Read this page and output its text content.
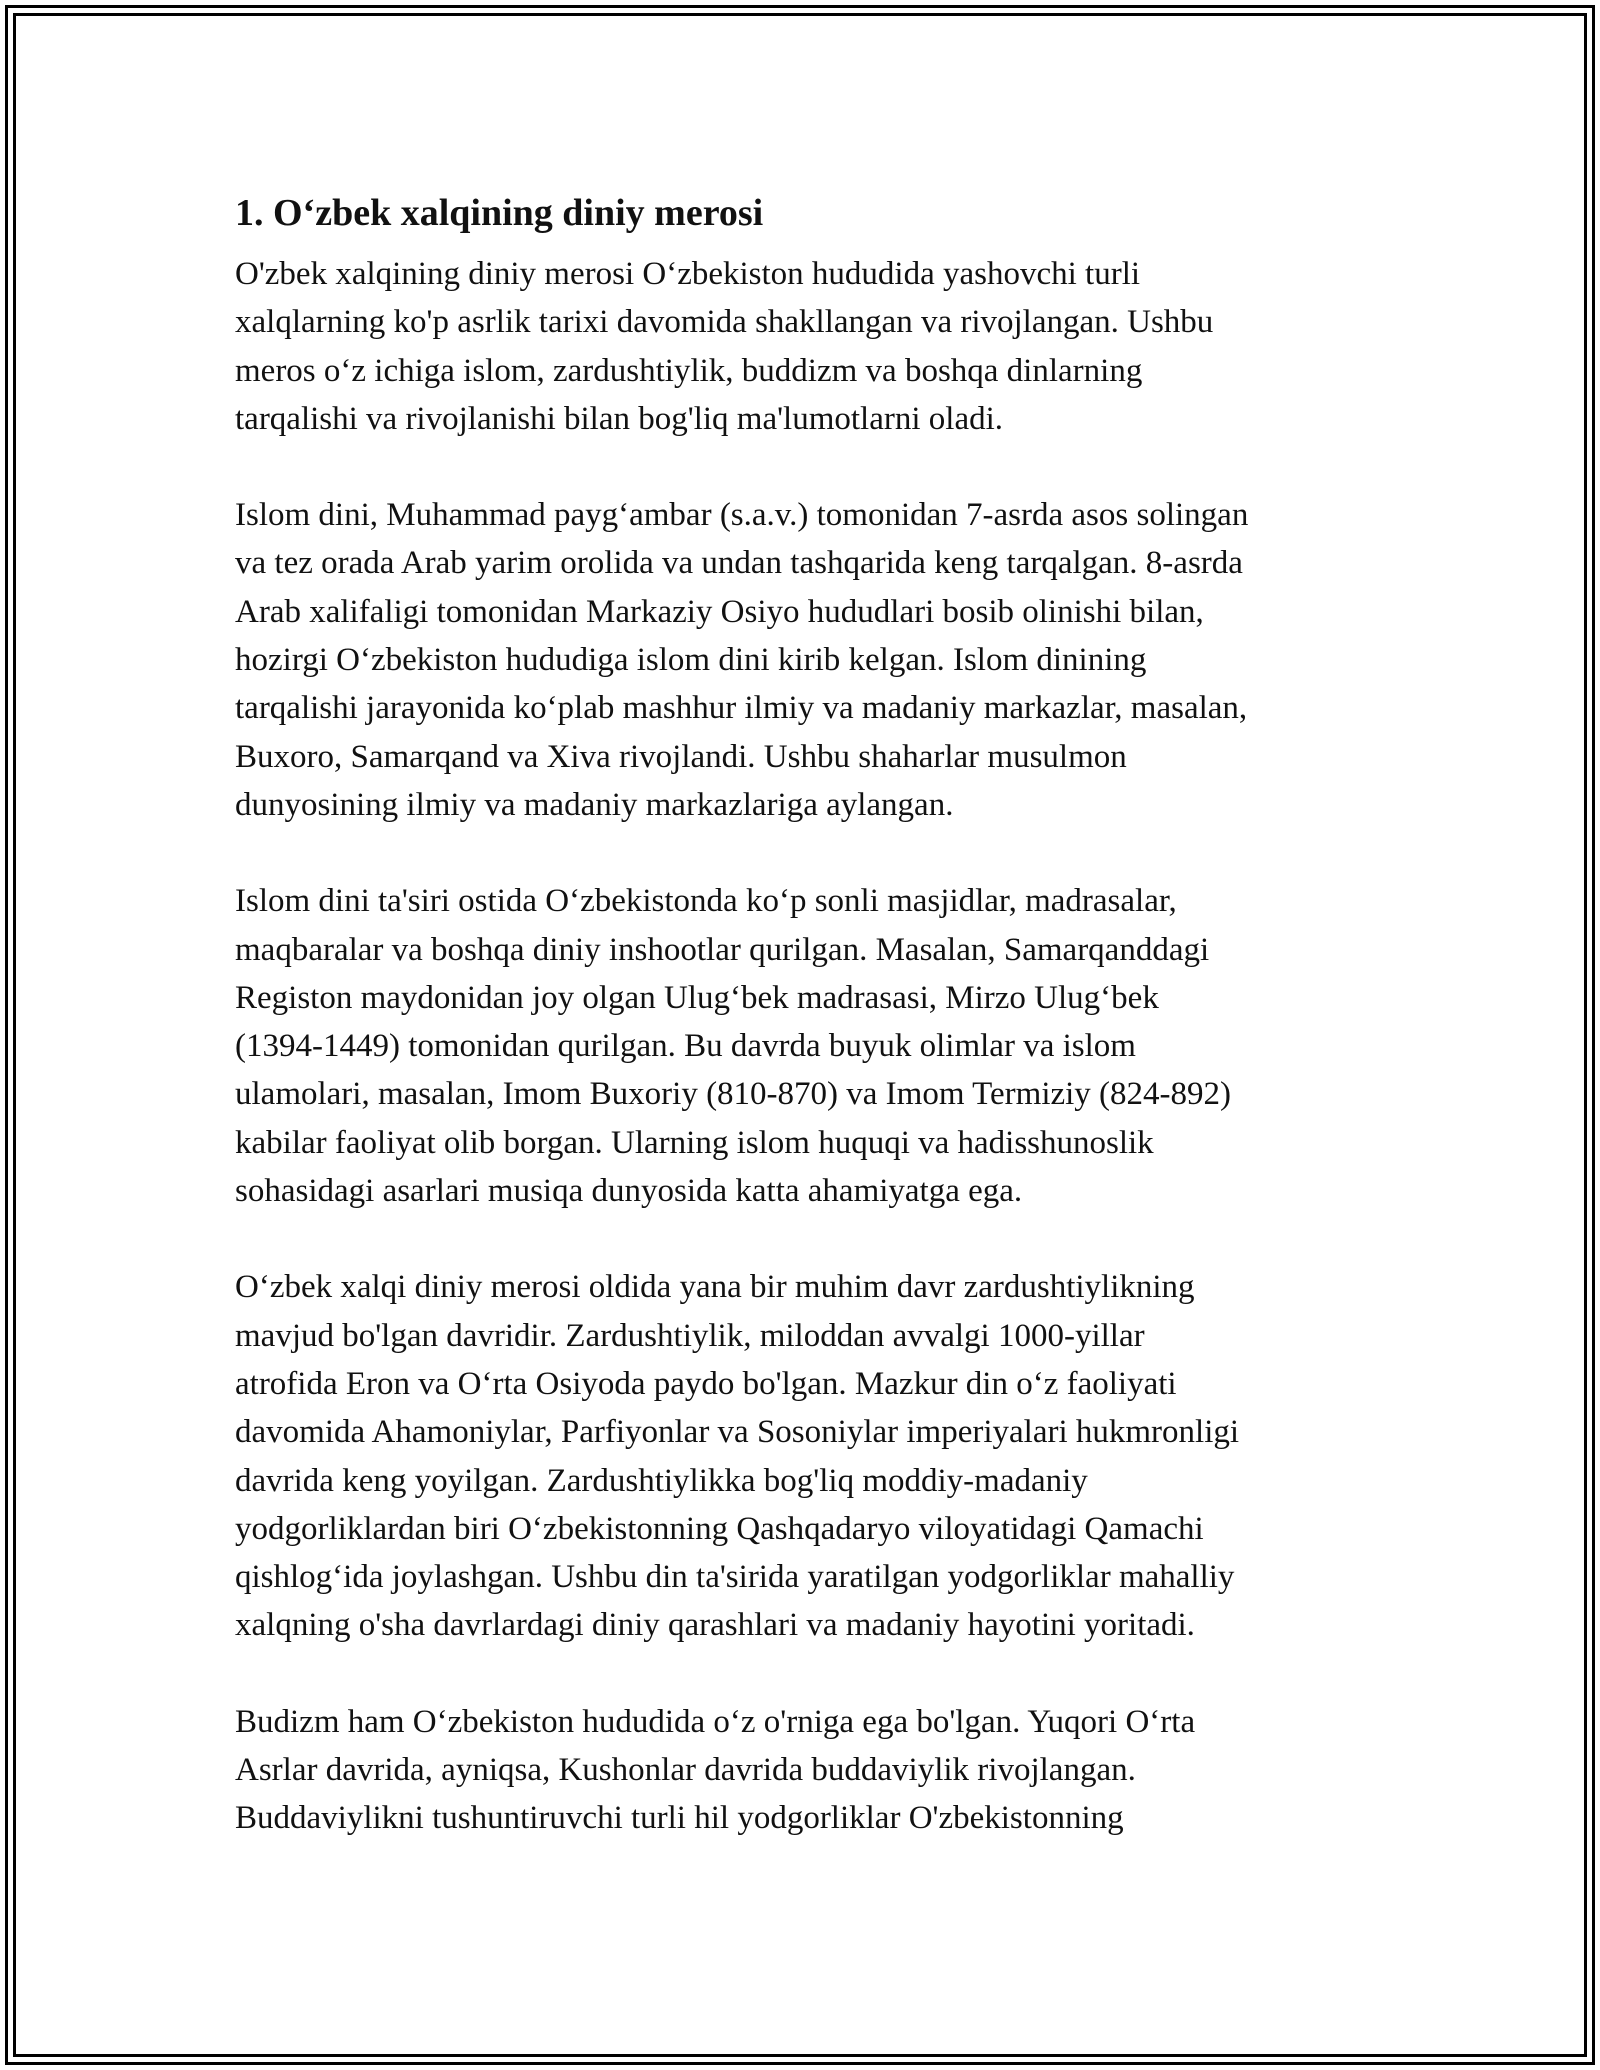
1. O‘zbek xalqining diniy merosi
O'zbek xalqining diniy merosi O‘zbekiston hududida yashovchi turli
xalqlarning ko'p asrlik tarixi davomida shakllangan va rivojlangan. Ushbu
meros o‘z ichiga islom, zardushtiylik, buddizm va boshqa dinlarning
tarqalishi va rivojlanishi bilan bog'liq ma'lumotlarni oladi.
Islom dini, Muhammad payg‘ambar (s.a.v.) tomonidan 7-asrda asos solingan
va tez orada Arab yarim orolida va undan tashqarida keng tarqalgan. 8-asrda
Arab xalifaligi tomonidan Markaziy Osiyo hududlari bosib olinishi bilan,
hozirgi O‘zbekiston hududiga islom dini kirib kelgan. Islom dinining
tarqalishi jarayonida ko‘plab mashhur ilmiy va madaniy markazlar, masalan,
Buxoro, Samarqand va Xiva rivojlandi. Ushbu shaharlar musulmon
dunyosining ilmiy va madaniy markazlariga aylangan.
Islom dini ta'siri ostida O‘zbekistonda ko‘p sonli masjidlar, madrasalar,
maqbaralar va boshqa diniy inshootlar qurilgan. Masalan, Samarqanddagi
Registon maydonidan joy olgan Ulug‘bek madrasasi, Mirzo Ulug‘bek
(1394-1449) tomonidan qurilgan. Bu davrda buyuk olimlar va islom
ulamolari, masalan, Imom Buxoriy (810-870) va Imom Termiziy (824-892)
kabilar faoliyat olib borgan. Ularning islom huquqi va hadisshunoslik
sohasidagi asarlari musiqa dunyosida katta ahamiyatga ega.
O‘zbek xalqi diniy merosi oldida yana bir muhim davr zardushtiylikning
mavjud bo'lgan davridir. Zardushtiylik, miloddan avvalgi 1000-yillar
atrofida Eron va O‘rta Osiyoda paydo bo'lgan. Mazkur din o‘z faoliyati
davomida Ahamoniylar, Parfiyonlar va Sosoniylar imperiyalari hukmronligi
davrida keng yoyilgan. Zardushtiylikka bog'liq moddiy-madaniy
yodgorliklardan biri O‘zbekistonning Qashqadaryo viloyatidagi Qamachi
qishlog‘ida joylashgan. Ushbu din ta'sirida yaratilgan yodgorliklar mahalliy
xalqning o'sha davrlardagi diniy qarashlari va madaniy hayotini yoritadi.
Budizm ham O‘zbekiston hududida o‘z o'rniga ega bo'lgan. Yuqori O‘rta
Asrlar davrida, ayniqsa, Kushonlar davrida buddaviylik rivojlangan.
Buddaviylikni tushuntiruvchi turli hil yodgorliklar O'zbekistonning
